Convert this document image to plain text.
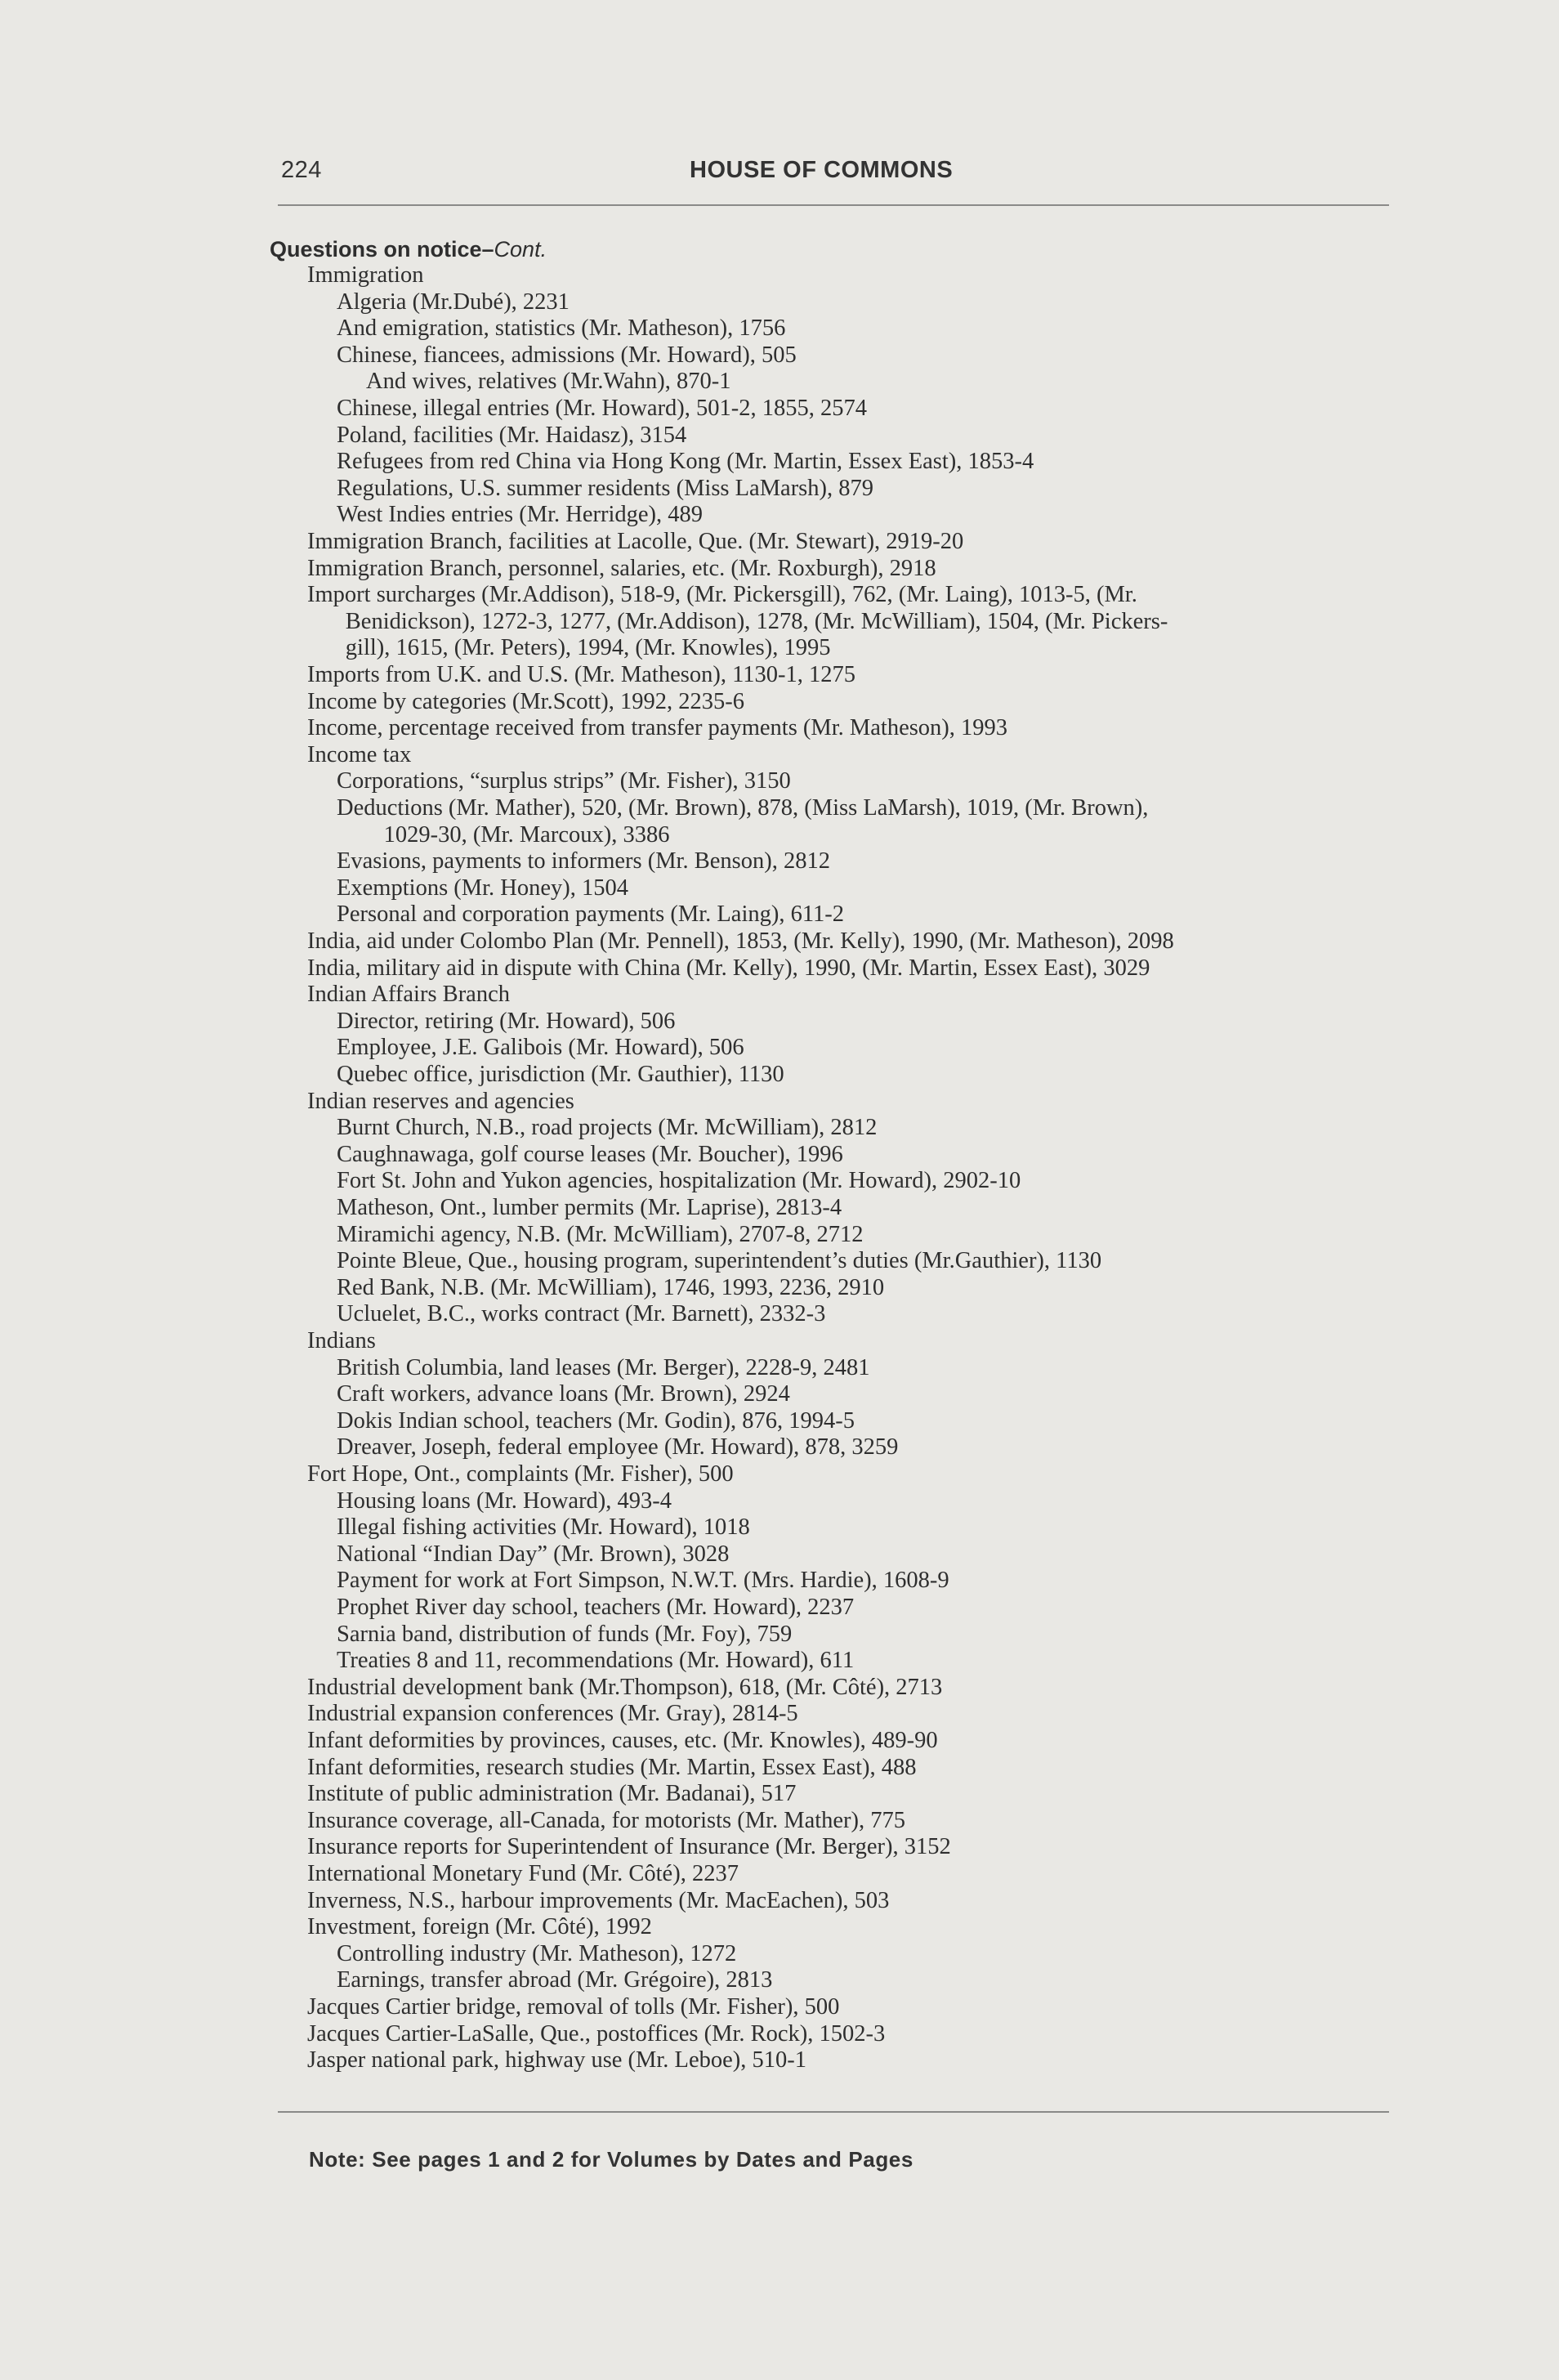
224	HOUSE OF COMMONS
Questions on notice–Cont.
Immigration
Algeria (Mr.Dubé), 2231
And emigration, statistics (Mr. Matheson), 1756
Chinese, fiancees, admissions (Mr. Howard), 505
And wives, relatives (Mr.Wahn), 870-1
Chinese, illegal entries (Mr. Howard), 501-2, 1855, 2574
Poland, facilities (Mr. Haidasz), 3154
Refugees from red China via Hong Kong (Mr. Martin, Essex East), 1853-4
Regulations, U.S. summer residents (Miss LaMarsh), 879
West Indies entries (Mr. Herridge), 489
Immigration Branch, facilities at Lacolle, Que. (Mr. Stewart), 2919-20
Immigration Branch, personnel, salaries, etc. (Mr. Roxburgh), 2918
Import surcharges (Mr.Addison), 518-9, (Mr. Pickersgill), 762, (Mr. Laing), 1013-5, (Mr.
Benidickson), 1272-3, 1277, (Mr.Addison), 1278, (Mr. McWilliam), 1504, (Mr. Pickers-
gill), 1615, (Mr. Peters), 1994, (Mr. Knowles), 1995
Imports from U.K. and U.S. (Mr. Matheson), 1130-1, 1275
Income by categories (Mr.Scott), 1992, 2235-6
Income, percentage received from transfer payments (Mr. Matheson), 1993
Income tax
Corporations, “surplus strips” (Mr. Fisher), 3150
Deductions (Mr. Mather), 520, (Mr. Brown), 878, (Miss LaMarsh), 1019, (Mr. Brown),
1029-30, (Mr. Marcoux), 3386
Evasions, payments to informers (Mr. Benson), 2812
Exemptions (Mr. Honey), 1504
Personal and corporation payments (Mr. Laing), 611-2
India, aid under Colombo Plan (Mr. Pennell), 1853, (Mr. Kelly), 1990, (Mr. Matheson), 2098
India, military aid in dispute with China (Mr. Kelly), 1990, (Mr. Martin, Essex East), 3029
Indian Affairs Branch
Director, retiring (Mr. Howard), 506
Employee, J.E. Galibois (Mr. Howard), 506
Quebec office, jurisdiction (Mr. Gauthier), 1130
Indian reserves and agencies
Burnt Church, N.B., road projects (Mr. McWilliam), 2812
Caughnawaga, golf course leases (Mr. Boucher), 1996
Fort St. John and Yukon agencies, hospitalization (Mr. Howard), 2902-10
Matheson, Ont., lumber permits (Mr. Laprise), 2813-4
Miramichi agency, N.B. (Mr. McWilliam), 2707-8, 2712
Pointe Bleue, Que., housing program, superintendent’s duties (Mr.Gauthier), 1130
Red Bank, N.B. (Mr. McWilliam), 1746, 1993, 2236, 2910
Ucluelet, B.C., works contract (Mr. Barnett), 2332-3
Indians
British Columbia, land leases (Mr. Berger), 2228-9, 2481
Craft workers, advance loans (Mr. Brown), 2924
Dokis Indian school, teachers (Mr. Godin), 876, 1994-5
Dreaver, Joseph, federal employee (Mr. Howard), 878, 3259
Fort Hope, Ont., complaints (Mr. Fisher), 500
Housing loans (Mr. Howard), 493-4
Illegal fishing activities (Mr. Howard), 1018
National “Indian Day” (Mr. Brown), 3028
Payment for work at Fort Simpson, N.W.T. (Mrs. Hardie), 1608-9
Prophet River day school, teachers (Mr. Howard), 2237
Sarnia band, distribution of funds (Mr. Foy), 759
Treaties 8 and 11, recommendations (Mr. Howard), 611
Industrial development bank (Mr.Thompson), 618, (Mr. Côté), 2713
Industrial expansion conferences (Mr. Gray), 2814-5
Infant deformities by provinces, causes, etc. (Mr. Knowles), 489-90
Infant deformities, research studies (Mr. Martin, Essex East), 488
Institute of public administration (Mr. Badanai), 517
Insurance coverage, all-Canada, for motorists (Mr. Mather), 775
Insurance reports for Superintendent of Insurance (Mr. Berger), 3152
International Monetary Fund (Mr. Côté), 2237
Inverness, N.S., harbour improvements (Mr. MacEachen), 503
Investment, foreign (Mr. Côté), 1992
Controlling industry (Mr. Matheson), 1272
Earnings, transfer abroad (Mr. Grégoire), 2813
Jacques Cartier bridge, removal of tolls (Mr. Fisher), 500
Jacques Cartier-LaSalle, Que., postoffices (Mr. Rock), 1502-3
Jasper national park, highway use (Mr. Leboe), 510-1
Note: See pages 1 and 2 for Volumes by Dates and Pages
